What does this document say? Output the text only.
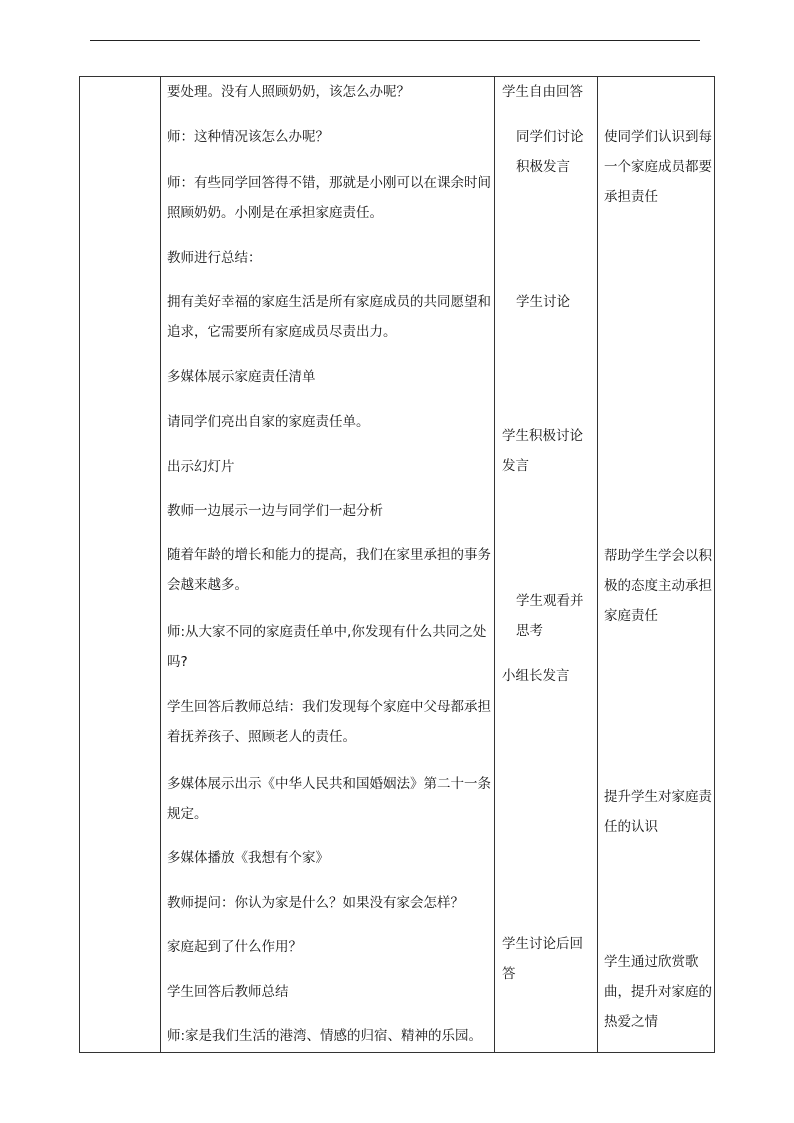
要处理。没有人照顾奶奶，该怎么办呢？

师：这种情况该怎么办呢？

师：有些同学回答得不错，那就是小刚可以在课余时间照顾奶奶。小刚是在承担家庭责任。

教师进行总结：

拥有美好幸福的家庭生活是所有家庭成员的共同愿望和追求，它需要所有家庭成员尽责出力。

多媒体展示家庭责任清单

请同学们亮出自家的家庭责任单。

出示幻灯片

教师一边展示一边与同学们一起分析

随着年龄的增长和能力的提高，我们在家里承担的事务会越来越多。

师:从大家不同的家庭责任单中,你发现有什么共同之处吗?

学生回答后教师总结：我们发现每个家庭中父母都承担着抚养孩子、照顾老人的责任。

多媒体展示出示《中华人民共和国婚姻法》第二十一条规定。

多媒体播放《我想有个家》

教师提问：你认为家是什么？如果没有家会怎样？

家庭起到了什么作用？

学生回答后教师总结

师:家是我们生活的港湾、情感的归宿、精神的乐园。

学生自由回答

同学们讨论积极发言

学生讨论

学生积极讨论发言

学生观看并思考

小组长发言

学生讨论后回答

使同学们认识到每一个家庭成员都要承担责任

帮助学生学会以积极的态度主动承担家庭责任

提升学生对家庭责任的认识

学生通过欣赏歌曲，提升对家庭的热爱之情
